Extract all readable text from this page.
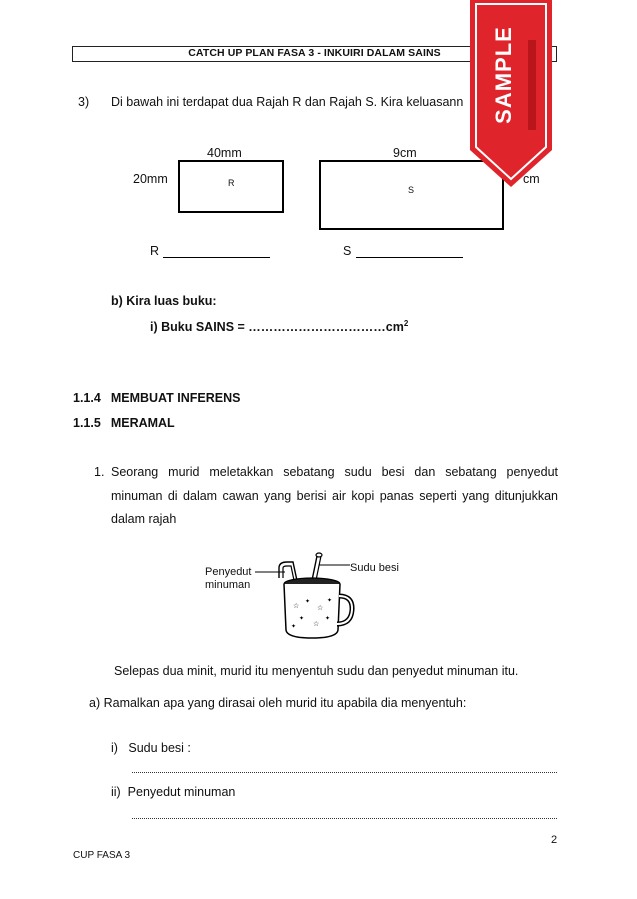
CATCH UP PLAN FASA 3 - INKUIRI DALAM SAINS
3) Di bawah ini terdapat dua Rajah R dan Rajah S. Kira keluasann
40mm
20mm	R
9cm
S
cm
R	S
b) Kira luas buku:
i) Buku SAINS = $\dots\dots\dots\dots\dots\dots\dots\dots\dots\dots\dots cm^2$
1.1.4 MEMBUAT INFERENS
1.1.5 MERAMAL
1. Seorang murid meletakkan sebatang sudu besi dan sebatang penyedut
minuman di dalam cawan yang berisi air kopi panas seperti yang ditunjukkan
dalam rajah
Penyedut
minuman
Sudu besi
☆
✦
☆
✦
✦
☆
✦
✦
Selepas dua minit, murid itu menyentuh sudu dan penyedut minuman itu.
a) Ramalkan apa yang dirasai oleh murid itu apabila dia menyentuh:
i)   Sudu besi :
ii)  Penyedut minuman
2
CUP FASA 3
SAMPLE
